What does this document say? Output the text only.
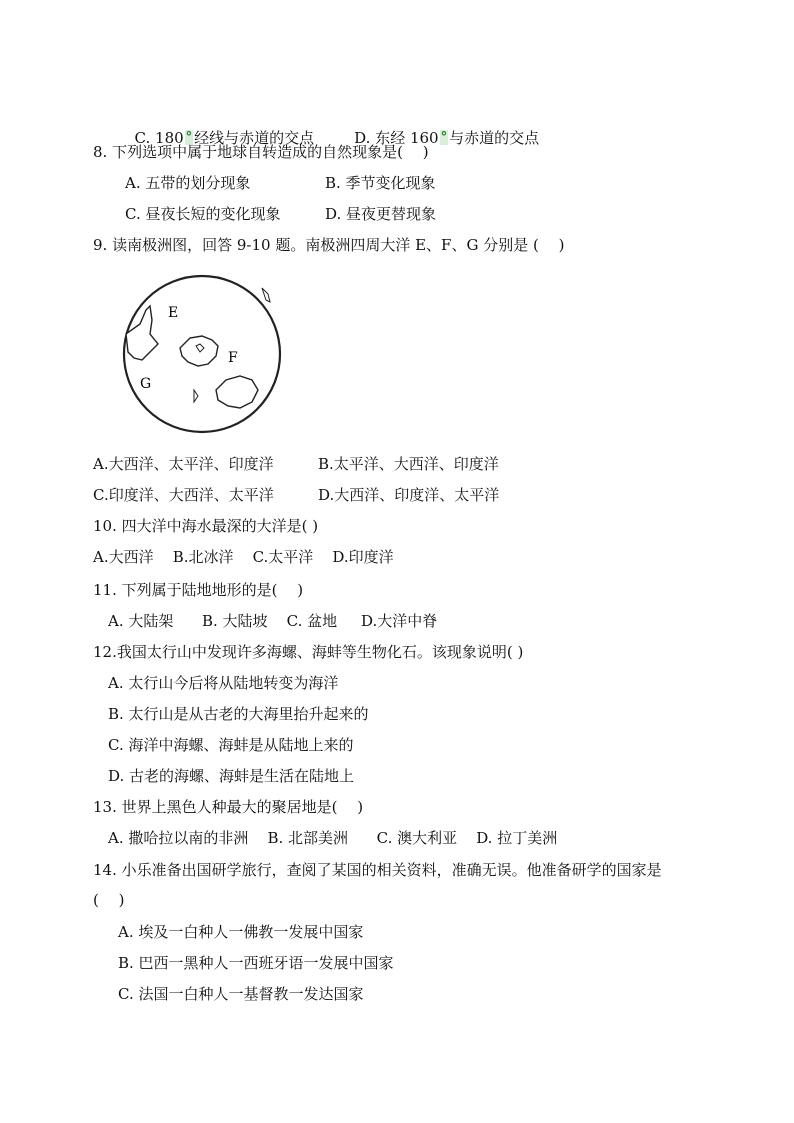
C. 180 ° 经线与赤道的交点	D. 东经 160 ° 与赤道的交点

8. 下列选项中属于地球自转造成的自然现象是(　 )
A. 五带的划分现象	B. 季节变化现象
C. 昼夜长短的变化现象	D. 昼夜更替现象
9. 读南极洲图，回答 9-10 题。南极洲四周大洋 E、F、G 分别是 (　 )
E
F
G
A.大西洋、太平洋、印度洋	B.太平洋、大西洋、印度洋
C.印度洋、大西洋、太平洋	D.大西洋、印度洋、太平洋
10. 四大洋中海水最深的大洋是( )
A.大西洋 B.北冰洋 C.太平洋 D.印度洋
11. 下列属于陆地地形的是(　 )
A. 大陆架 B. 大陆坡 C. 盆地 D.大洋中脊
12.我国太行山中发现许多海螺、海蚌等生物化石。该现象说明( )
A. 太行山今后将从陆地转变为海洋
B. 太行山是从古老的大海里抬升起来的
C. 海洋中海螺、海蚌是从陆地上来的
D. 古老的海螺、海蚌是生活在陆地上
13. 世界上黑色人种最大的聚居地是(　 )
A. 撒哈拉以南的非洲 B. 北部美洲 C. 澳大利亚 D. 拉丁美洲
14. 小乐准备出国研学旅行，查阅了某国的相关资料，准确无误。他准备研学的国家是
(　 )
A. 埃及一白种人一佛教一发展中国家
B. 巴西一黑种人一西班牙语一发展中国家
C. 法国一白种人一基督教一发达国家
